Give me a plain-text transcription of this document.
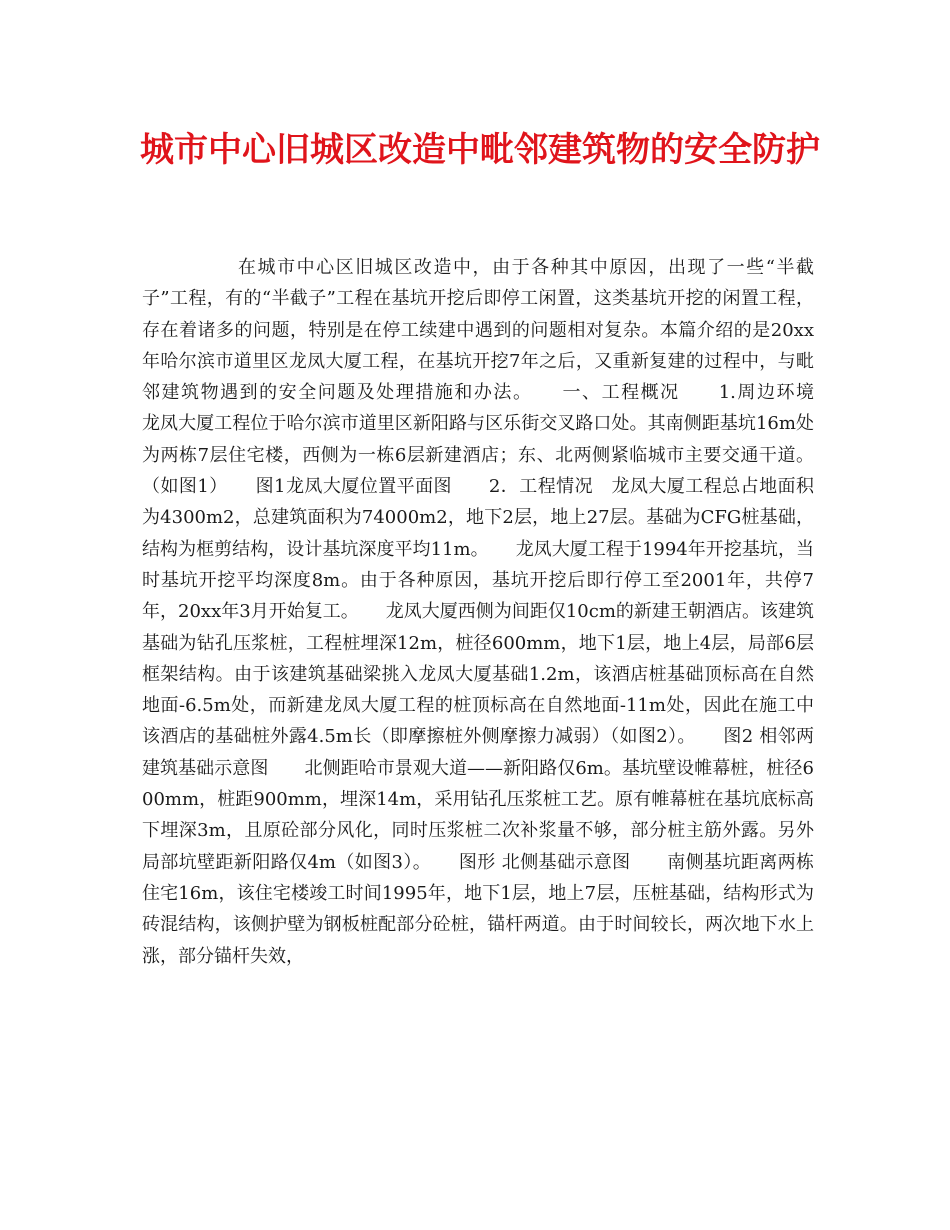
城市中心旧城区改造中毗邻建筑物的安全防护

在城市中心区旧城区改造中，由于各种其中原因，出现了一些“半截子”工程，有的“半截子”工程在基坑开挖后即停工闲置，这类基坑开挖的闲置工程，存在着诸多的问题，特别是在停工续建中遇到的问题相对复杂。本篇介绍的是20xx年哈尔滨市道里区龙凤大厦工程，在基坑开挖7年之后，又重新复建的过程中，与毗邻建筑物遇到的安全问题及处理措施和办法。　　一、工程概况　　1.周边环境　　龙凤大厦工程位于哈尔滨市道里区新阳路与区乐街交叉路口处。其南侧距基坑16m处为两栋7层住宅楼，西侧为一栋6层新建酒店；东、北两侧紧临城市主要交通干道。（如图1）　　图1龙凤大厦位置平面图　　2．工程情况　龙凤大厦工程总占地面积为4300m2，总建筑面积为74000m2，地下2层，地上27层。基础为CFG桩基础，结构为框剪结构，设计基坑深度平均11m。　　龙凤大厦工程于1994年开挖基坑，当时基坑开挖平均深度8m。由于各种原因，基坑开挖后即行停工至2001年，共停7年，20xx年3月开始复工。　　龙凤大厦西侧为间距仅10cm的新建王朝酒店。该建筑基础为钻孔压浆桩，工程桩埋深12m，桩径600mm，地下1层，地上4层，局部6层框架结构。由于该建筑基础梁挑入龙凤大厦基础1.2m，该酒店桩基础顶标高在自然地面-6.5m处，而新建龙凤大厦工程的桩顶标高在自然地面-11m处，因此在施工中该酒店的基础桩外露4.5m长（即摩擦桩外侧摩擦力减弱）（如图2）。　　图2 相邻两建筑基础示意图　　北侧距哈市景观大道——新阳路仅6m。基坑壁设帷幕桩，桩径600mm，桩距900mm，埋深14m，采用钻孔压浆桩工艺。原有帷幕桩在基坑底标高下埋深3m，且原砼部分风化，同时压浆桩二次补浆量不够，部分桩主筋外露。另外局部坑壁距新阳路仅4m（如图3）。　　图形 北侧基础示意图　　南侧基坑距离两栋住宅16m，该住宅楼竣工时间1995年，地下1层，地上7层，压桩基础，结构形式为砖混结构，该侧护壁为钢板桩配部分砼桩，锚杆两道。由于时间较长，两次地下水上涨，部分锚杆失效，
